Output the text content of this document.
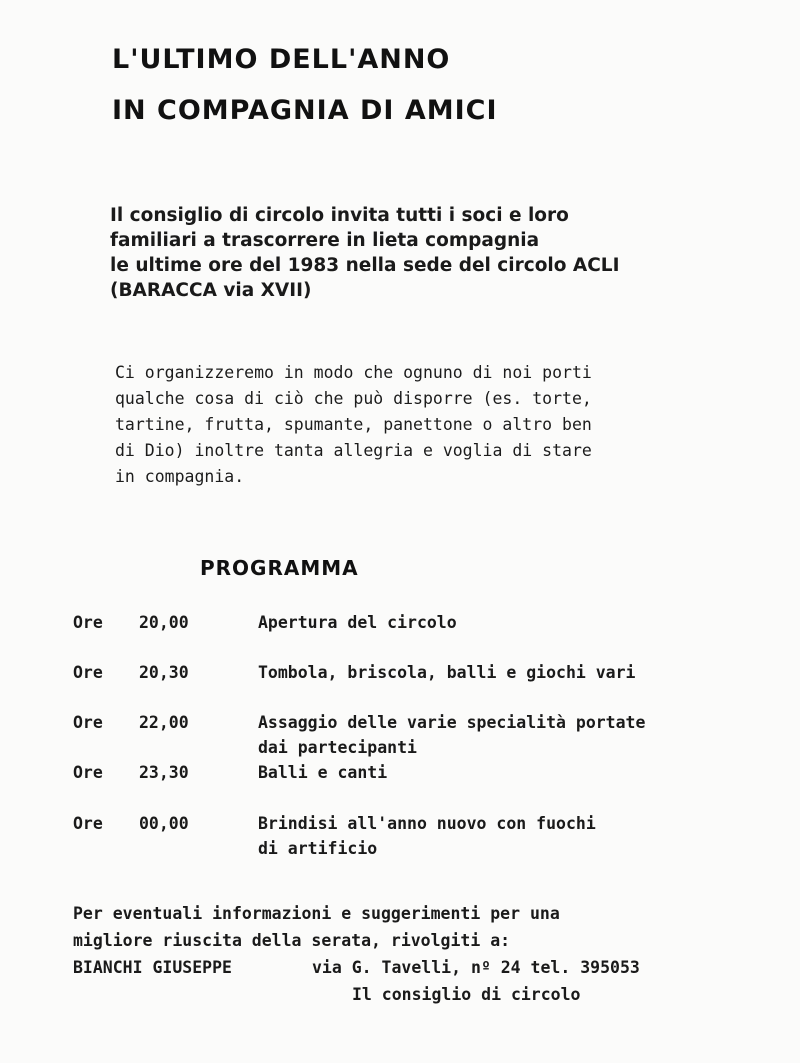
L'ULTIMO DELL'ANNO
IN COMPAGNIA DI AMICI
Il consiglio di circolo invita tutti i soci e loro
familiari a trascorrere in lieta compagnia
le ultime ore del 1983 nella sede del circolo ACLI
(BARACCA via XVII)
Ci organizzeremo in modo che ognuno di noi porti
qualche cosa di ciò che può disporre (es. torte,
tartine, frutta, spumante, panettone o altro ben
di Dio) inoltre tanta allegria e voglia di stare
in compagnia.
PROGRAMMA
Ore 20,00	Apertura del circolo
Ore 20,30	Tombola, briscola, balli e giochi vari
Ore 22,00	Assaggio delle varie specialità portate
dai partecipanti
Ore 23,30	Balli e canti
Ore 00,00	Brindisi all'anno nuovo con fuochi
di artificio
Per eventuali informazioni e suggerimenti per una
migliore riuscita della serata, rivolgiti a:
BIANCHI GIUSEPPE	via G. Tavelli, nº 24 tel. 395053
Il consiglio di circolo
